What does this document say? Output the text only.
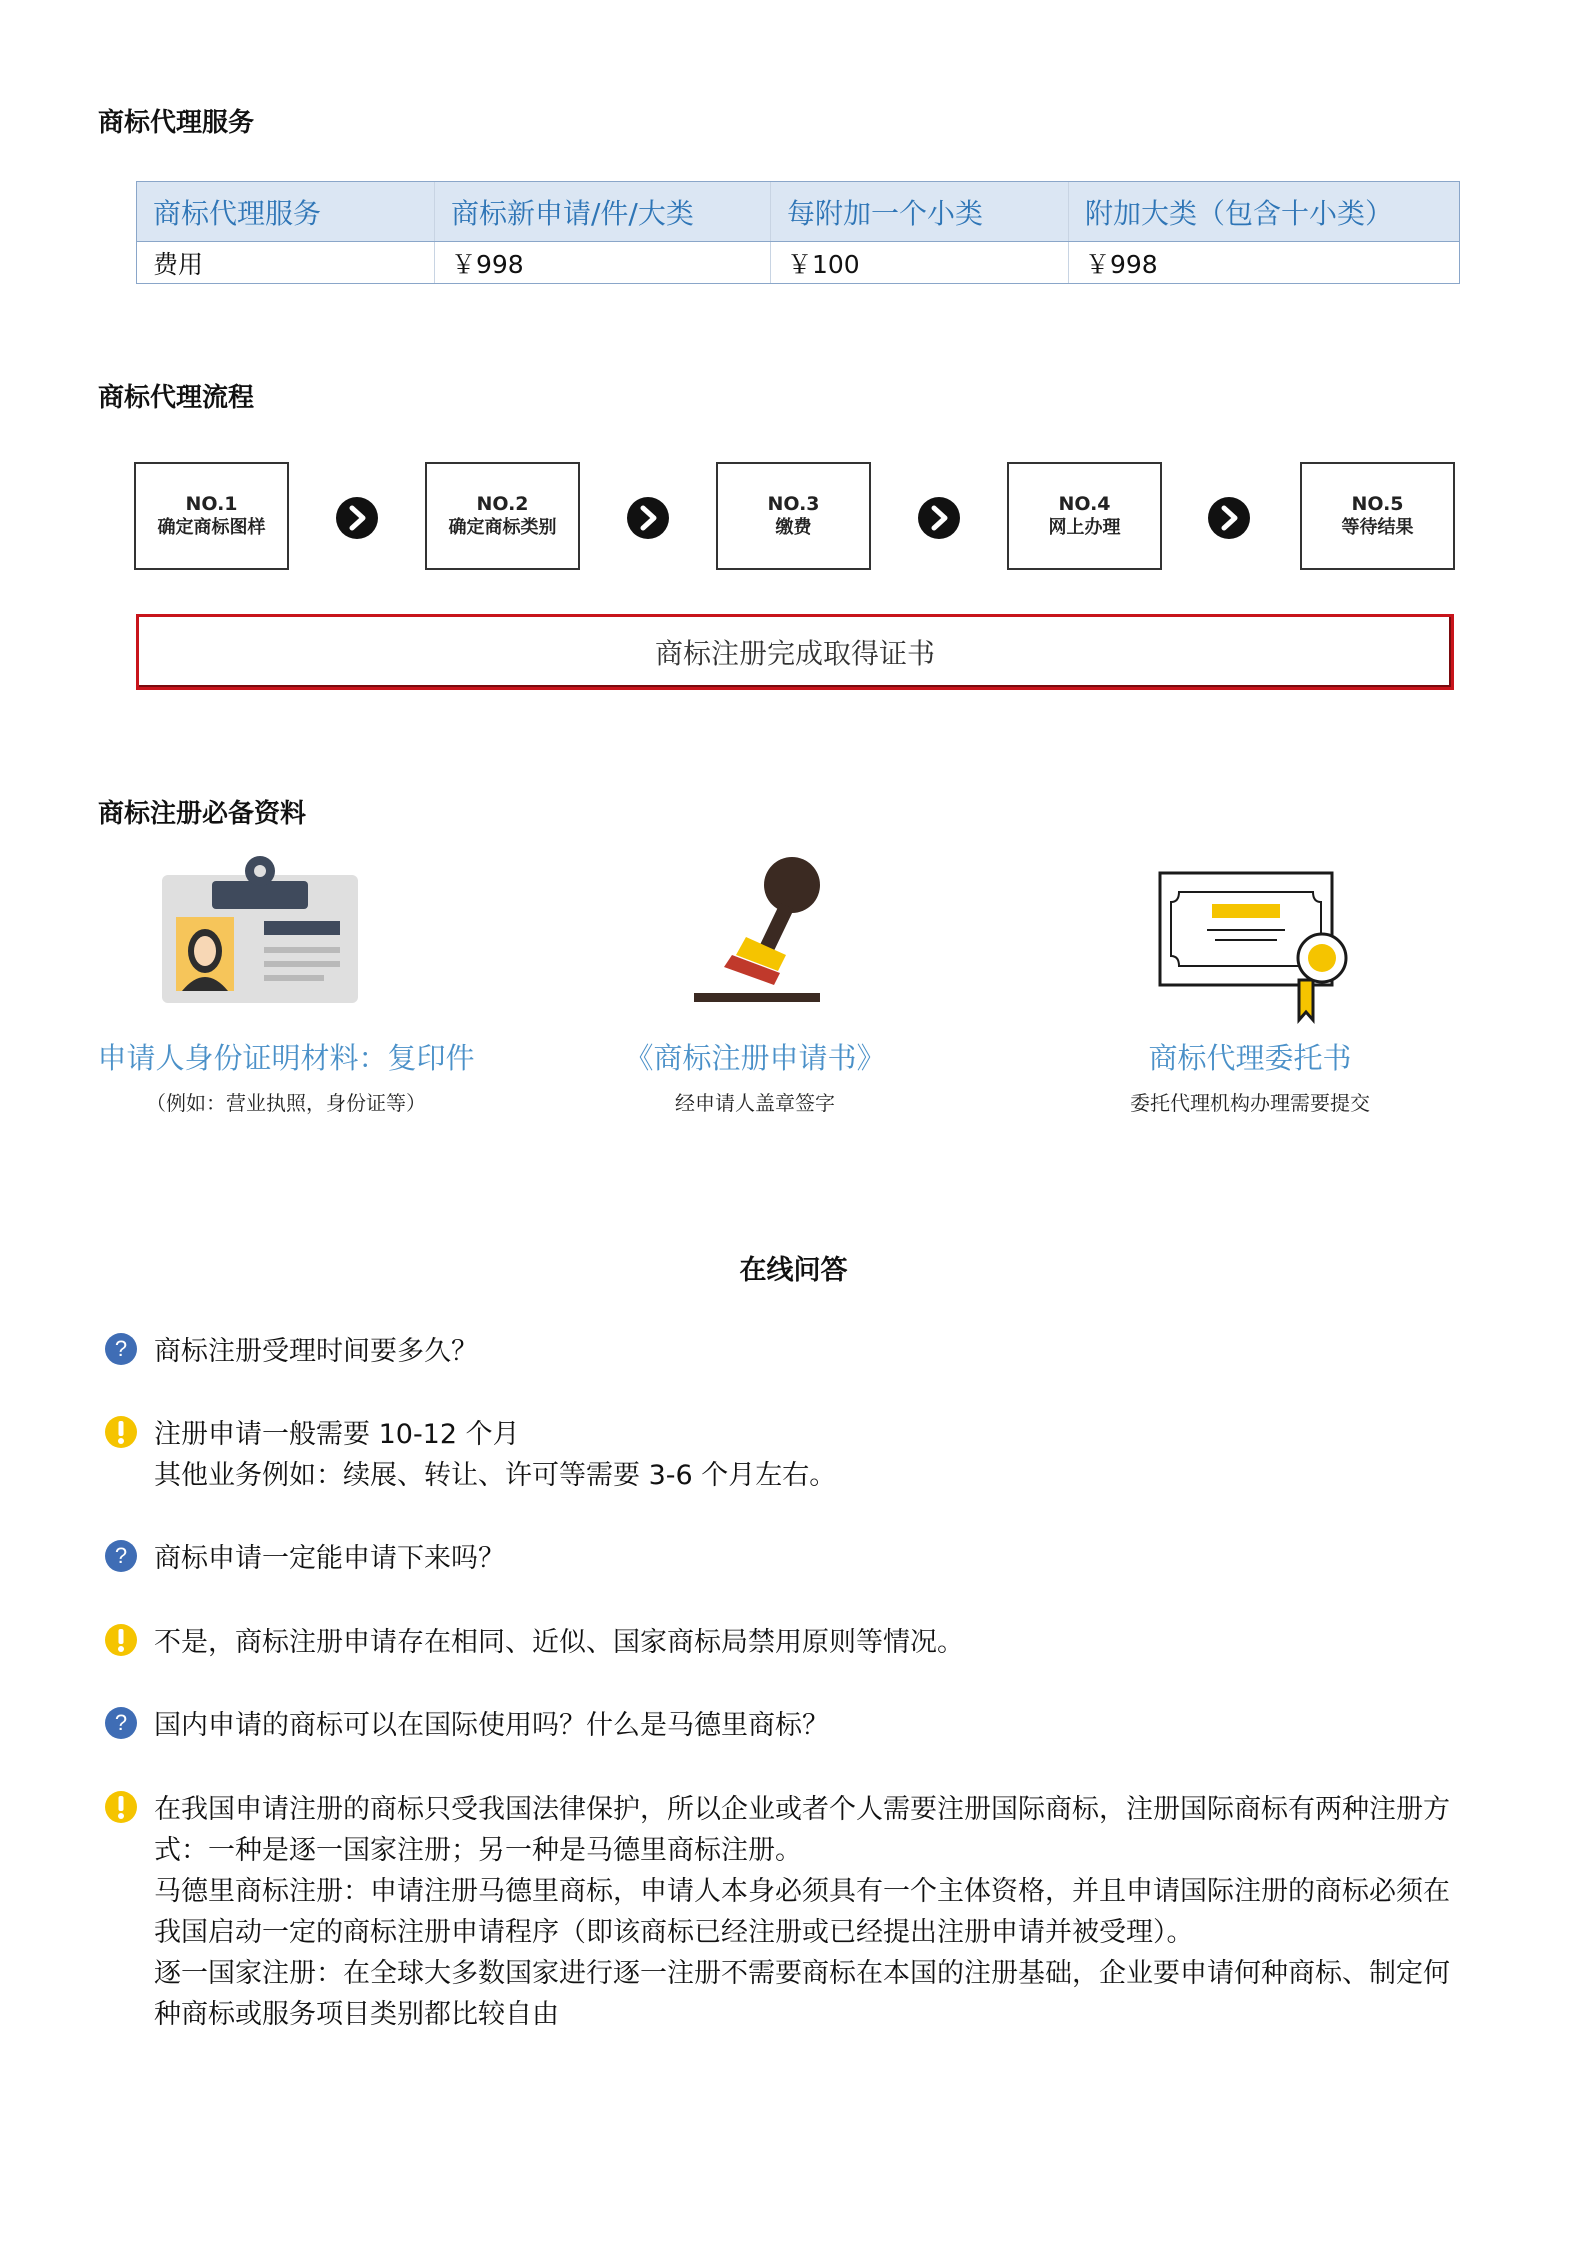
商标代理服务
商标代理服务	商标新申请/件/大类	每附加一个小类	附加大类（包含十小类）
费用	￥998	￥100	￥998
商标代理流程
NO.1
确定商标图样
NO.2
确定商标类别
NO.3
缴费
NO.4
网上办理
NO.5
等待结果
商标注册完成取得证书
商标注册必备资料
申请人身份证明材料：复印件
（例如：营业执照，身份证等）
《商标注册申请书》
经申请人盖章签字
商标代理委托书
委托代理机构办理需要提交
在线问答
? 商标注册受理时间要多久？

注册申请一般需要 10-12 个月

其他业务例如：续展、转让、许可等需要 3-6 个月左右。

? 商标申请一定能申请下来吗？

不是，商标注册申请存在相同、近似、国家商标局禁用原则等情况。

? 国内申请的商标可以在国际使用吗？什么是马德里商标？

在我国申请注册的商标只受我国法律保护，所以企业或者个人需要注册国际商标，注册国际商标有两种注册方

式：一种是逐一国家注册；另一种是马德里商标注册。

马德里商标注册：申请注册马德里商标，申请人本身必须具有一个主体资格，并且申请国际注册的商标必须在

我国启动一定的商标注册申请程序（即该商标已经注册或已经提出注册申请并被受理）。

逐一国家注册：在全球大多数国家进行逐一注册不需要商标在本国的注册基础，企业要申请何种商标、制定何

种商标或服务项目类别都比较自由
